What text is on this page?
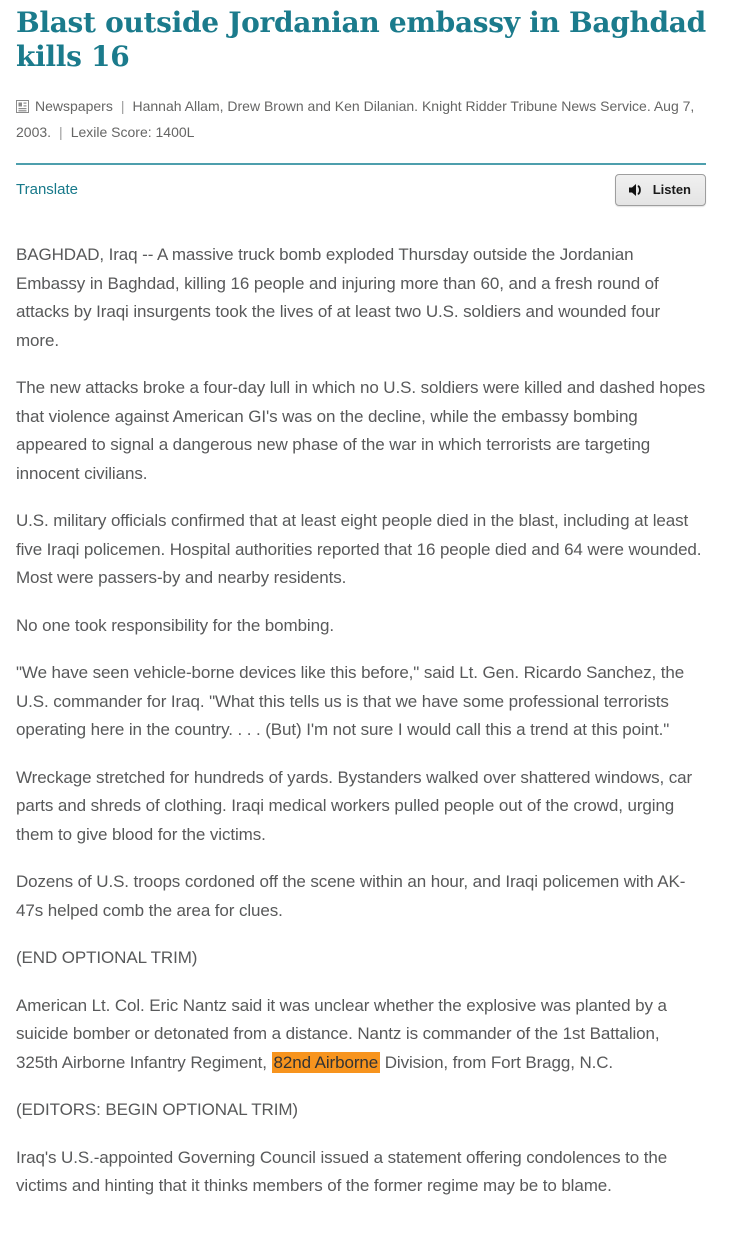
Blast outside Jordanian embassy in Baghdad kills 16
Newspapers | Hannah Allam, Drew Brown and Ken Dilanian. Knight Ridder Tribune News Service. Aug 7, 2003. | Lexile Score: 1400L
Translate	Listen

BAGHDAD, Iraq -- A massive truck bomb exploded Thursday outside the Jordanian Embassy in Baghdad, killing 16 people and injuring more than 60, and a fresh round of attacks by Iraqi insurgents took the lives of at least two U.S. soldiers and wounded four more.

The new attacks broke a four-day lull in which no U.S. soldiers were killed and dashed hopes that violence against American GI's was on the decline, while the embassy bombing appeared to signal a dangerous new phase of the war in which terrorists are targeting innocent civilians.

U.S. military officials confirmed that at least eight people died in the blast, including at least five Iraqi policemen. Hospital authorities reported that 16 people died and 64 were wounded. Most were passers-by and nearby residents.

No one took responsibility for the bombing.

"We have seen vehicle-borne devices like this before," said Lt. Gen. Ricardo Sanchez, the U.S. commander for Iraq. "What this tells us is that we have some professional terrorists operating here in the country. . . . (But) I'm not sure I would call this a trend at this point."

Wreckage stretched for hundreds of yards. Bystanders walked over shattered windows, car parts and shreds of clothing. Iraqi medical workers pulled people out of the crowd, urging them to give blood for the victims.

Dozens of U.S. troops cordoned off the scene within an hour, and Iraqi policemen with AK-47s helped comb the area for clues.

(END OPTIONAL TRIM)

American Lt. Col. Eric Nantz said it was unclear whether the explosive was planted by a suicide bomber or detonated from a distance. Nantz is commander of the 1st Battalion, 325th Airborne Infantry Regiment, 82nd Airborne Division, from Fort Bragg, N.C.

(EDITORS: BEGIN OPTIONAL TRIM)

Iraq's U.S.-appointed Governing Council issued a statement offering condolences to the victims and hinting that it thinks members of the former regime may be to blame.
